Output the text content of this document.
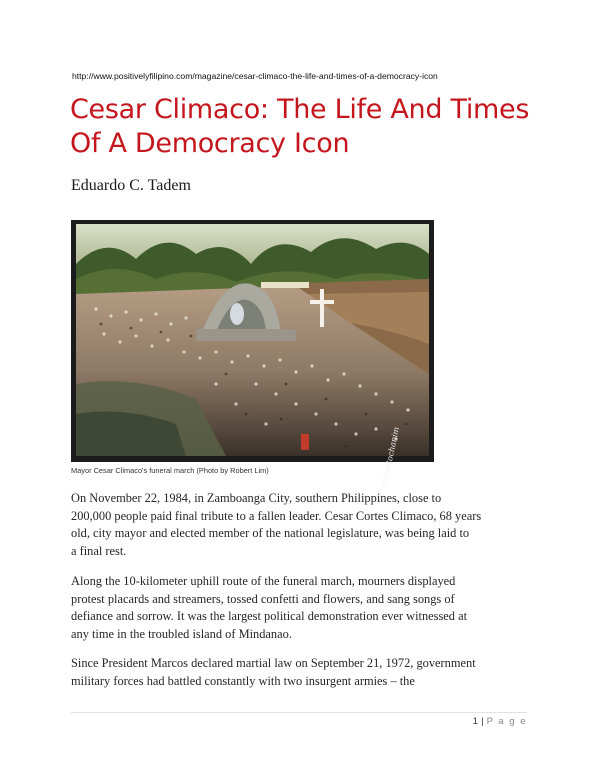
http://www.positivelyfilipino.com/magazine/cesar-climaco-the-life-and-times-of-a-democracy-icon
Cesar Climaco: The Life And Times
Of A Democracy Icon
Eduardo C. Tadem
robertochanim
Mayor Cesar Climaco's funeral march (Photo by Robert Lim)
On November 22, 1984, in Zamboanga City, southern Philippines, close to
200,000 people paid final tribute to a fallen leader. Cesar Cortes Climaco, 68 years
old, city mayor and elected member of the national legislature, was being laid to
a final rest.
Along the 10-kilometer uphill route of the funeral march, mourners displayed
protest placards and streamers, tossed confetti and flowers, and sang songs of
defiance and sorrow. It was the largest political demonstration ever witnessed at
any time in the troubled island of Mindanao.
Since President Marcos declared martial law on September 21, 1972, government
military forces had battled constantly with two insurgent armies – the
1 | P a g e
